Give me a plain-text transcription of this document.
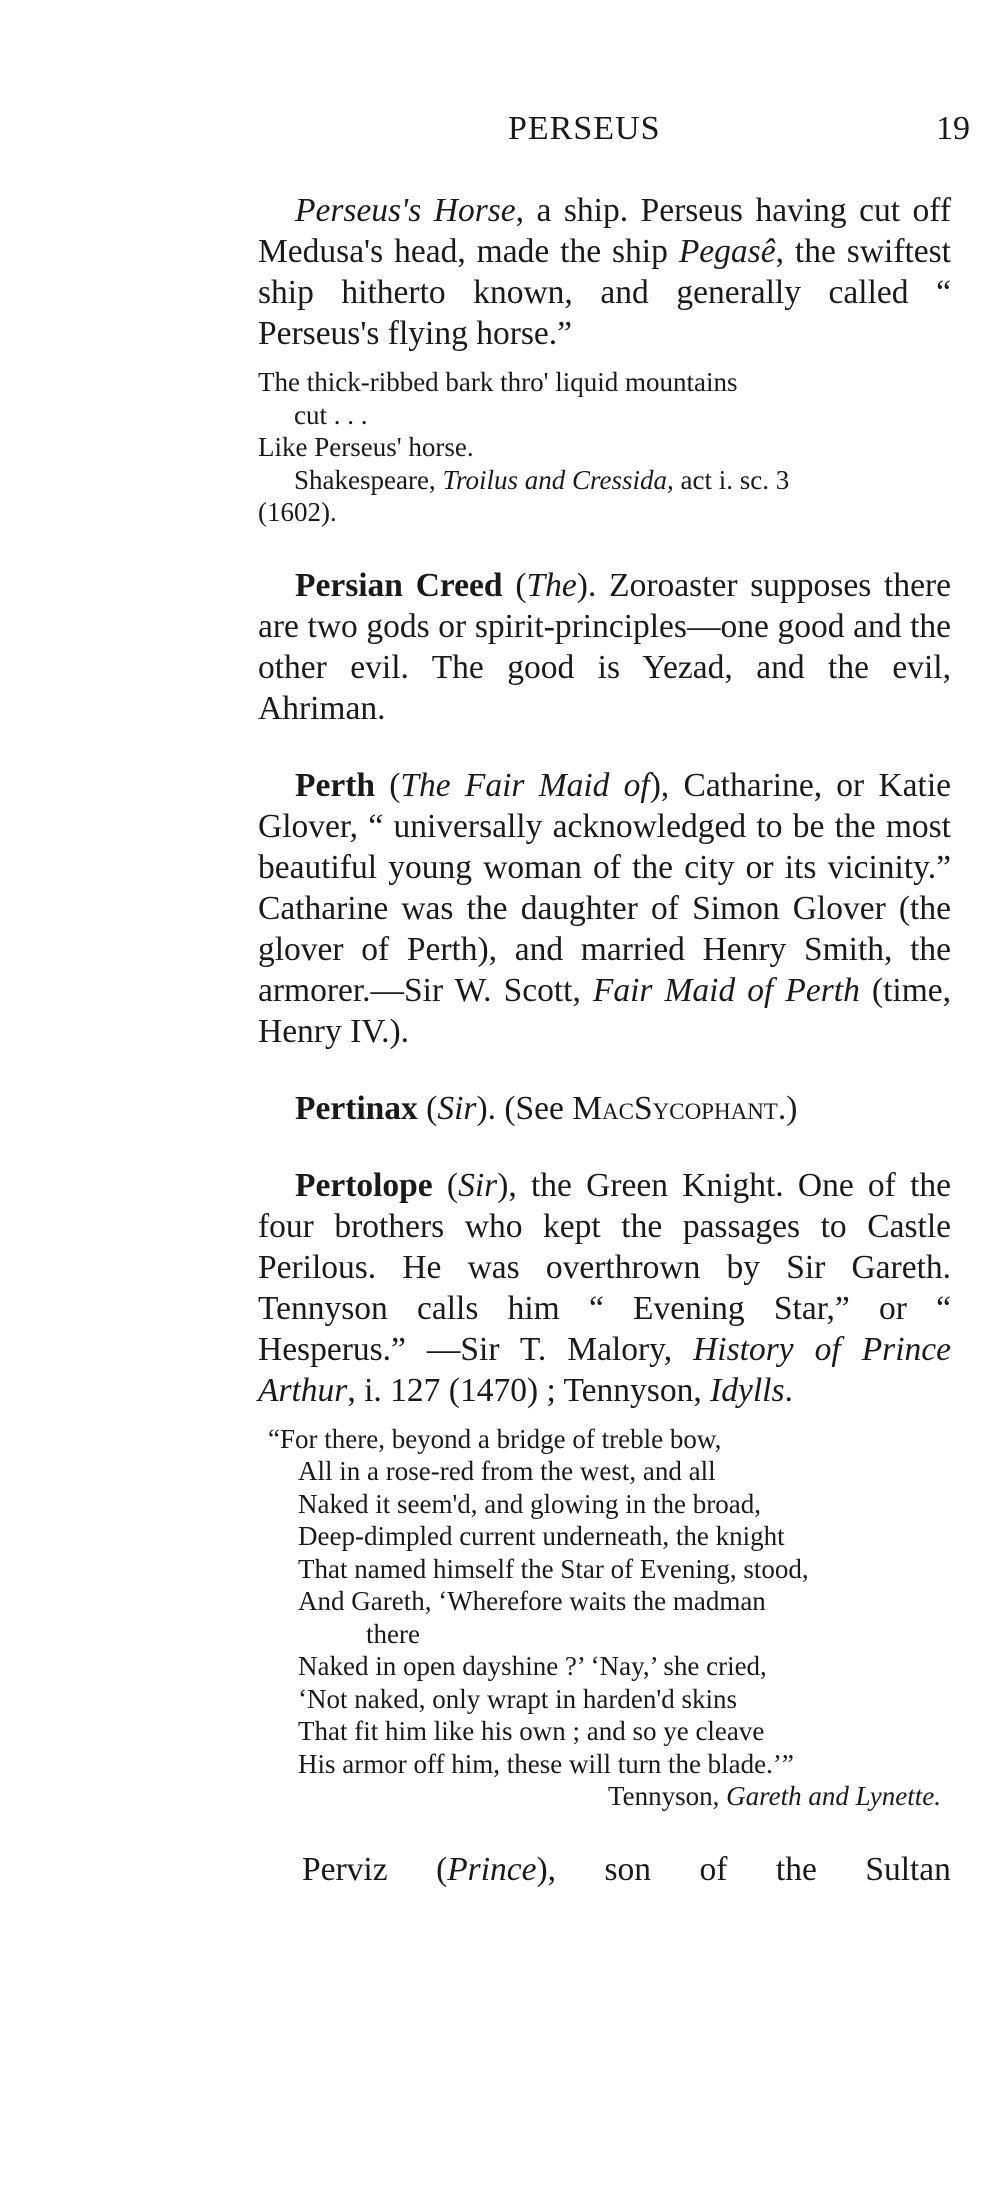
PERSEUS	19

Perseus's Horse, a ship. Perseus having cut off Medusa's head, made the ship Pegasê, the swiftest ship hitherto known, and generally called “ Perseus's flying horse.”

The thick-ribbed bark thro' liquid mountains
cut . . .
Like Perseus' horse.
Shakespeare, Troilus and Cressida, act i. sc. 3
(1602).

Persian Creed (The). Zoroaster supposes there are two gods or spirit-principles—one good and the other evil. The good is Yezad, and the evil, Ahriman.

Perth (The Fair Maid of), Catharine, or Katie Glover, “ universally acknowledged to be the most beautiful young woman of the city or its vicinity.” Catharine was the daughter of Simon Glover (the glover of Perth), and married Henry Smith, the armorer.—Sir W. Scott, Fair Maid of Perth (time, Henry IV.).

Pertinax (Sir). (See MacSycophant.)

Pertolope (Sir), the Green Knight. One of the four brothers who kept the passages to Castle Perilous. He was overthrown by Sir Gareth. Tennyson calls him “ Evening Star,” or “ Hesperus.” —Sir T. Malory, History of Prince Arthur, i. 127 (1470) ; Tennyson, Idylls.

“For there, beyond a bridge of treble bow,
All in a rose-red from the west, and all
Naked it seem'd, and glowing in the broad,
Deep-dimpled current underneath, the knight
That named himself the Star of Evening, stood,
And Gareth, ‘Wherefore waits the madman
there
Naked in open dayshine ?’ ‘Nay,’ she cried,
‘Not naked, only wrapt in harden'd skins
That fit him like his own ; and so ye cleave
His armor off him, these will turn the blade.’”
Tennyson, Gareth and Lynette.
Perviz (Prince), son of the Sultan
